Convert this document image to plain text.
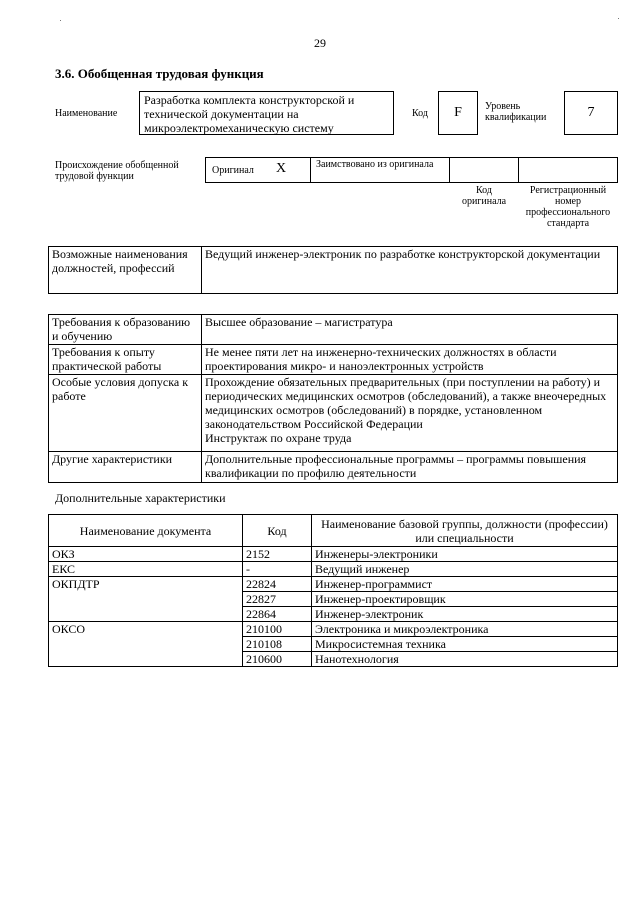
29
3.6. Обобщенная трудовая функция
Наименование
Разработка комплекта конструкторской и технической документации на микроэлектромеханическую систему
Код F Уровень квалификации	7
Происхождение обобщенной трудовой функции
Оригинал X	Заимствовано из оригинала
Код оригинала
Регистрационный номер профессионального стандарта
Возможные наименования должностей, профессий	Ведущий инженер-электроник по разработке конструкторской документации
Требования к образованию и обучению	Высшее образование – магистратура
Требования к опыту практической работы	Не менее пяти лет на инженерно-технических должностях в области проектирования микро- и наноэлектронных устройств
Особые условия допуска к работе	Прохождение обязательных предварительных (при поступлении на работу) и периодических медицинских осмотров (обследований), а также внеочередных медицинских осмотров (обследований) в порядке, установленном законодательством Российской Федерации
Инструктаж по охране труда

Другие характеристики	Дополнительные профессиональные программы – программы повышения квалификации по профилю деятельности
Дополнительные характеристики
Наименование документа	Код	Наименование базовой группы, должности (профессии) или специальности
ОКЗ	2152	Инженеры-электроники
ЕКС	-	Ведущий инженер
ОКПДТР	22824	Инженер-программист
	22827	Инженер-проектировщик
	22864	Инженер-электроник
ОКСО	210100	Электроника и микроэлектроника
	210108	Микросистемная техника
	210600	Нанотехнология
